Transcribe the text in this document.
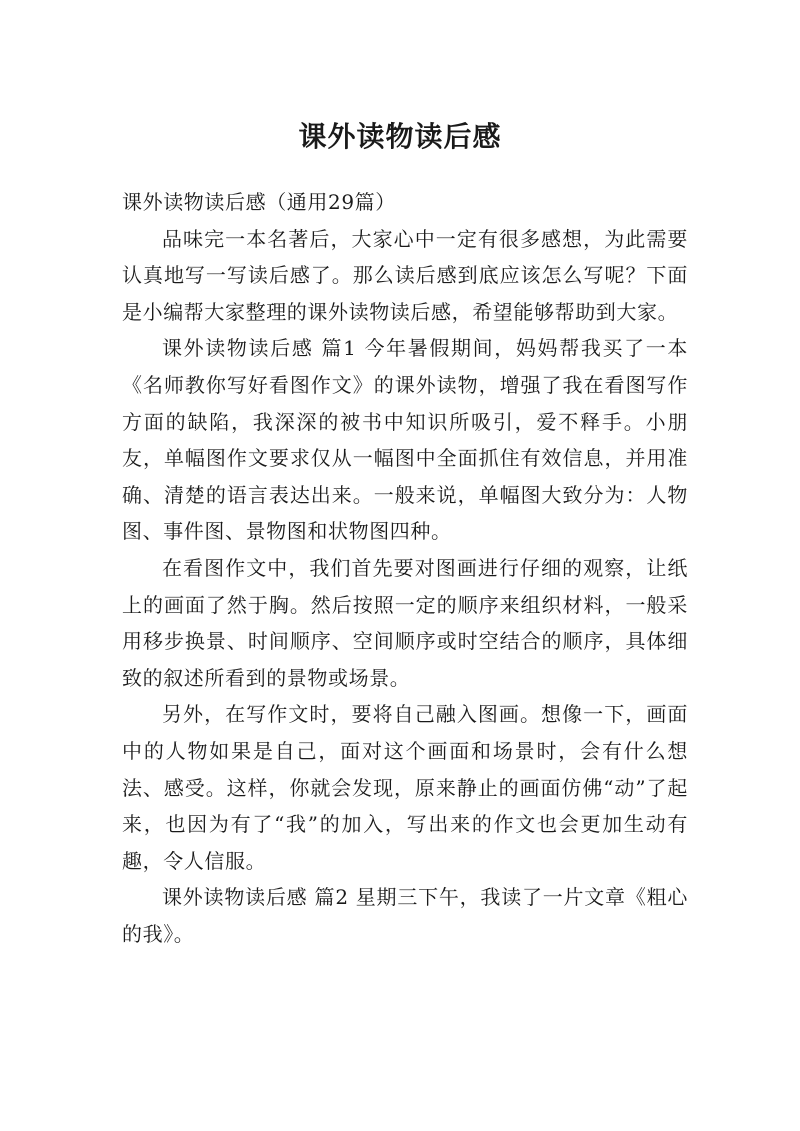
课外读物读后感

课外读物读后感（通用29篇）

品味完一本名著后，大家心中一定有很多感想，为此需要认真地写一写读后感了。那么读后感到底应该怎么写呢？下面是小编帮大家整理的课外读物读后感，希望能够帮助到大家。

课外读物读后感 篇1 今年暑假期间，妈妈帮我买了一本《名师教你写好看图作文》的课外读物，增强了我在看图写作方面的缺陷，我深深的被书中知识所吸引，爱不释手。小朋友，单幅图作文要求仅从一幅图中全面抓住有效信息，并用准确、清楚的语言表达出来。一般来说，单幅图大致分为：人物图、事件图、景物图和状物图四种。

在看图作文中，我们首先要对图画进行仔细的观察，让纸上的画面了然于胸。然后按照一定的顺序来组织材料，一般采用移步换景、时间顺序、空间顺序或时空结合的顺序，具体细致的叙述所看到的景物或场景。

另外，在写作文时，要将自己融入图画。想像一下，画面中的人物如果是自己，面对这个画面和场景时，会有什么想法、感受。这样，你就会发现，原来静止的画面仿佛“动”了起来，也因为有了“我”的加入，写出来的作文也会更加生动有趣，令人信服。

课外读物读后感 篇2 星期三下午，我读了一片文章《粗心的我》。
